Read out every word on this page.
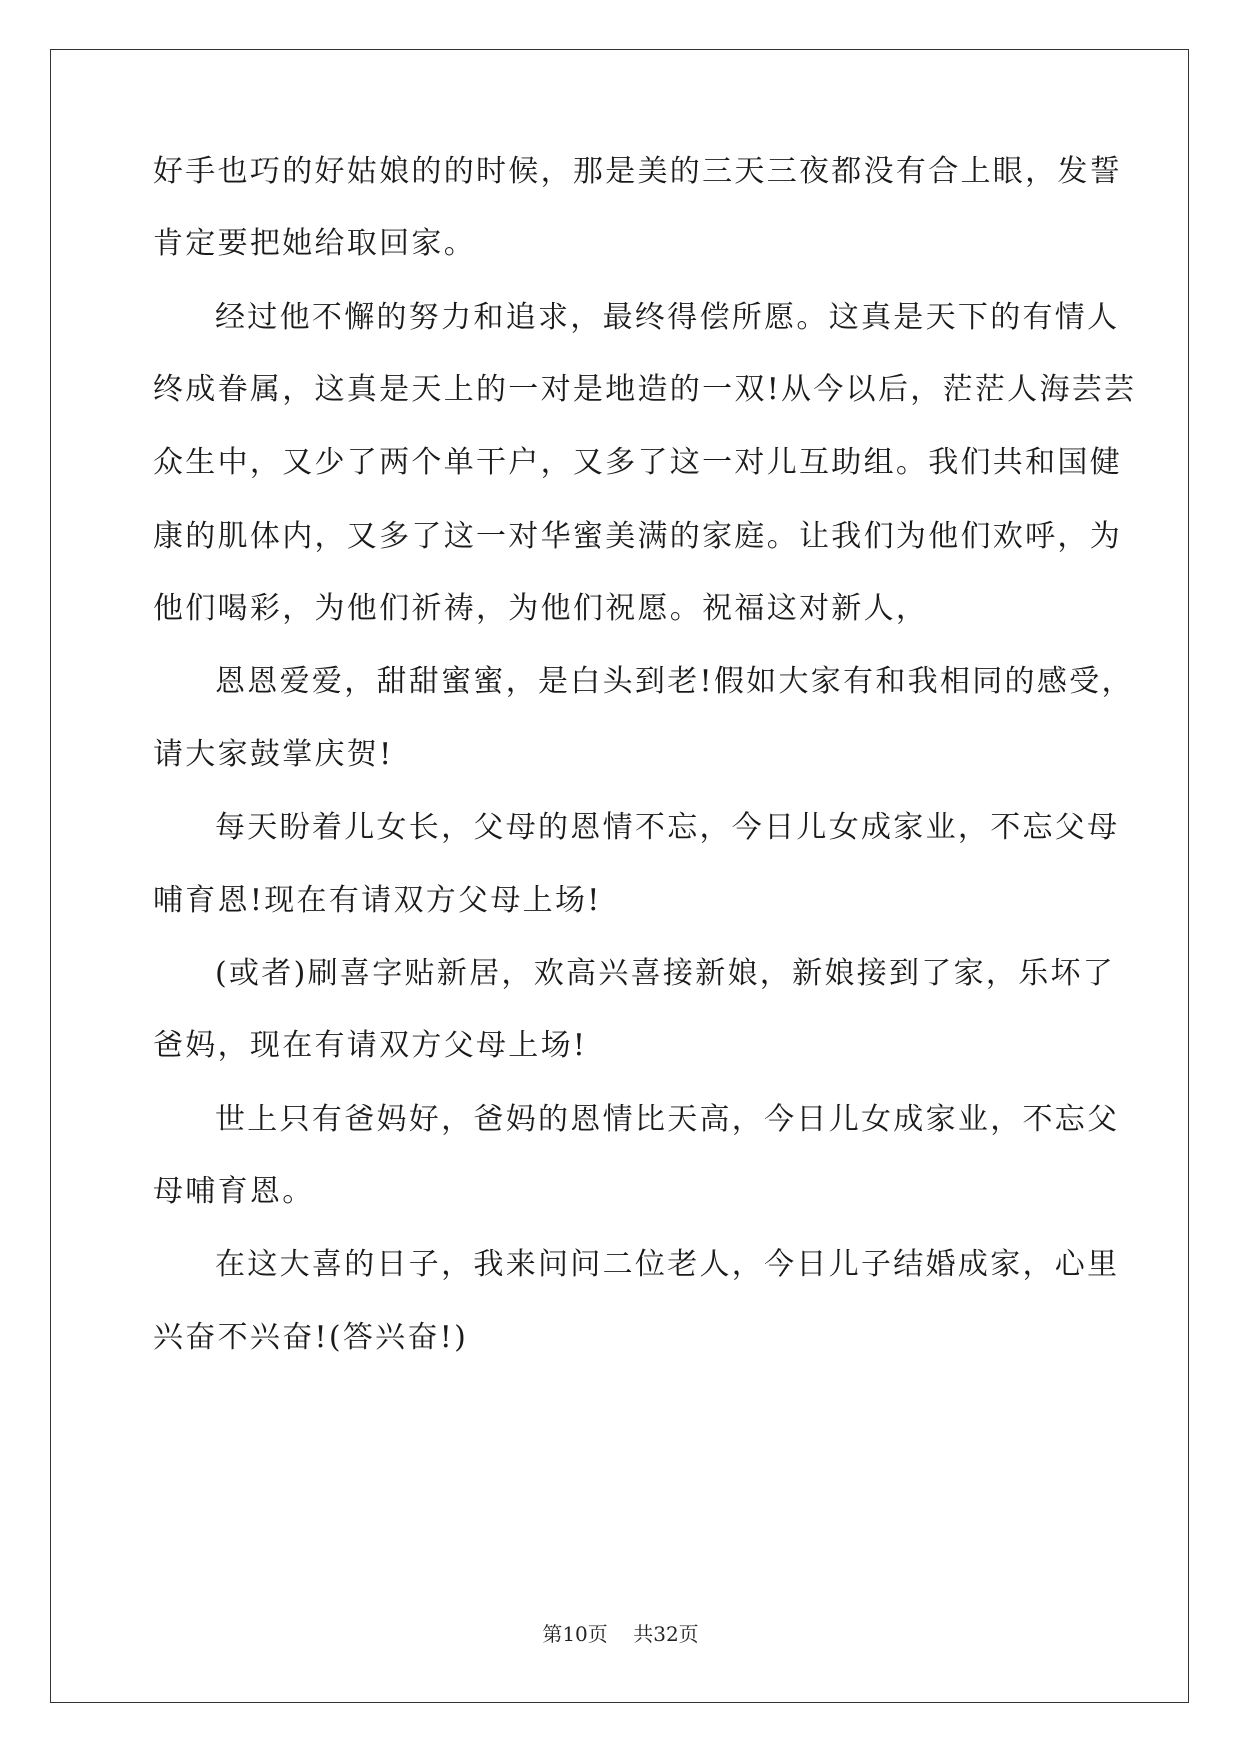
好手也巧的好姑娘的的时候，那是美的三天三夜都没有合上眼，发誓
肯定要把她给取回家。
经过他不懈的努力和追求，最终得偿所愿。这真是天下的有情人
终成眷属，这真是天上的一对是地造的一双!从今以后，茫茫人海芸芸
众生中，又少了两个单干户，又多了这一对儿互助组。我们共和国健
康的肌体内，又多了这一对华蜜美满的家庭。让我们为他们欢呼，为
他们喝彩，为他们祈祷，为他们祝愿。祝福这对新人，
恩恩爱爱，甜甜蜜蜜，是白头到老!假如大家有和我相同的感受，
请大家鼓掌庆贺!
每天盼着儿女长，父母的恩情不忘，今日儿女成家业，不忘父母
哺育恩!现在有请双方父母上场!
(或者)刷喜字贴新居，欢高兴喜接新娘，新娘接到了家，乐坏了
爸妈，现在有请双方父母上场!
世上只有爸妈好，爸妈的恩情比天高，今日儿女成家业，不忘父
母哺育恩。
在这大喜的日子，我来问问二位老人，今日儿子结婚成家，心里
兴奋不兴奋!(答兴奋!)
第10页 共32页
